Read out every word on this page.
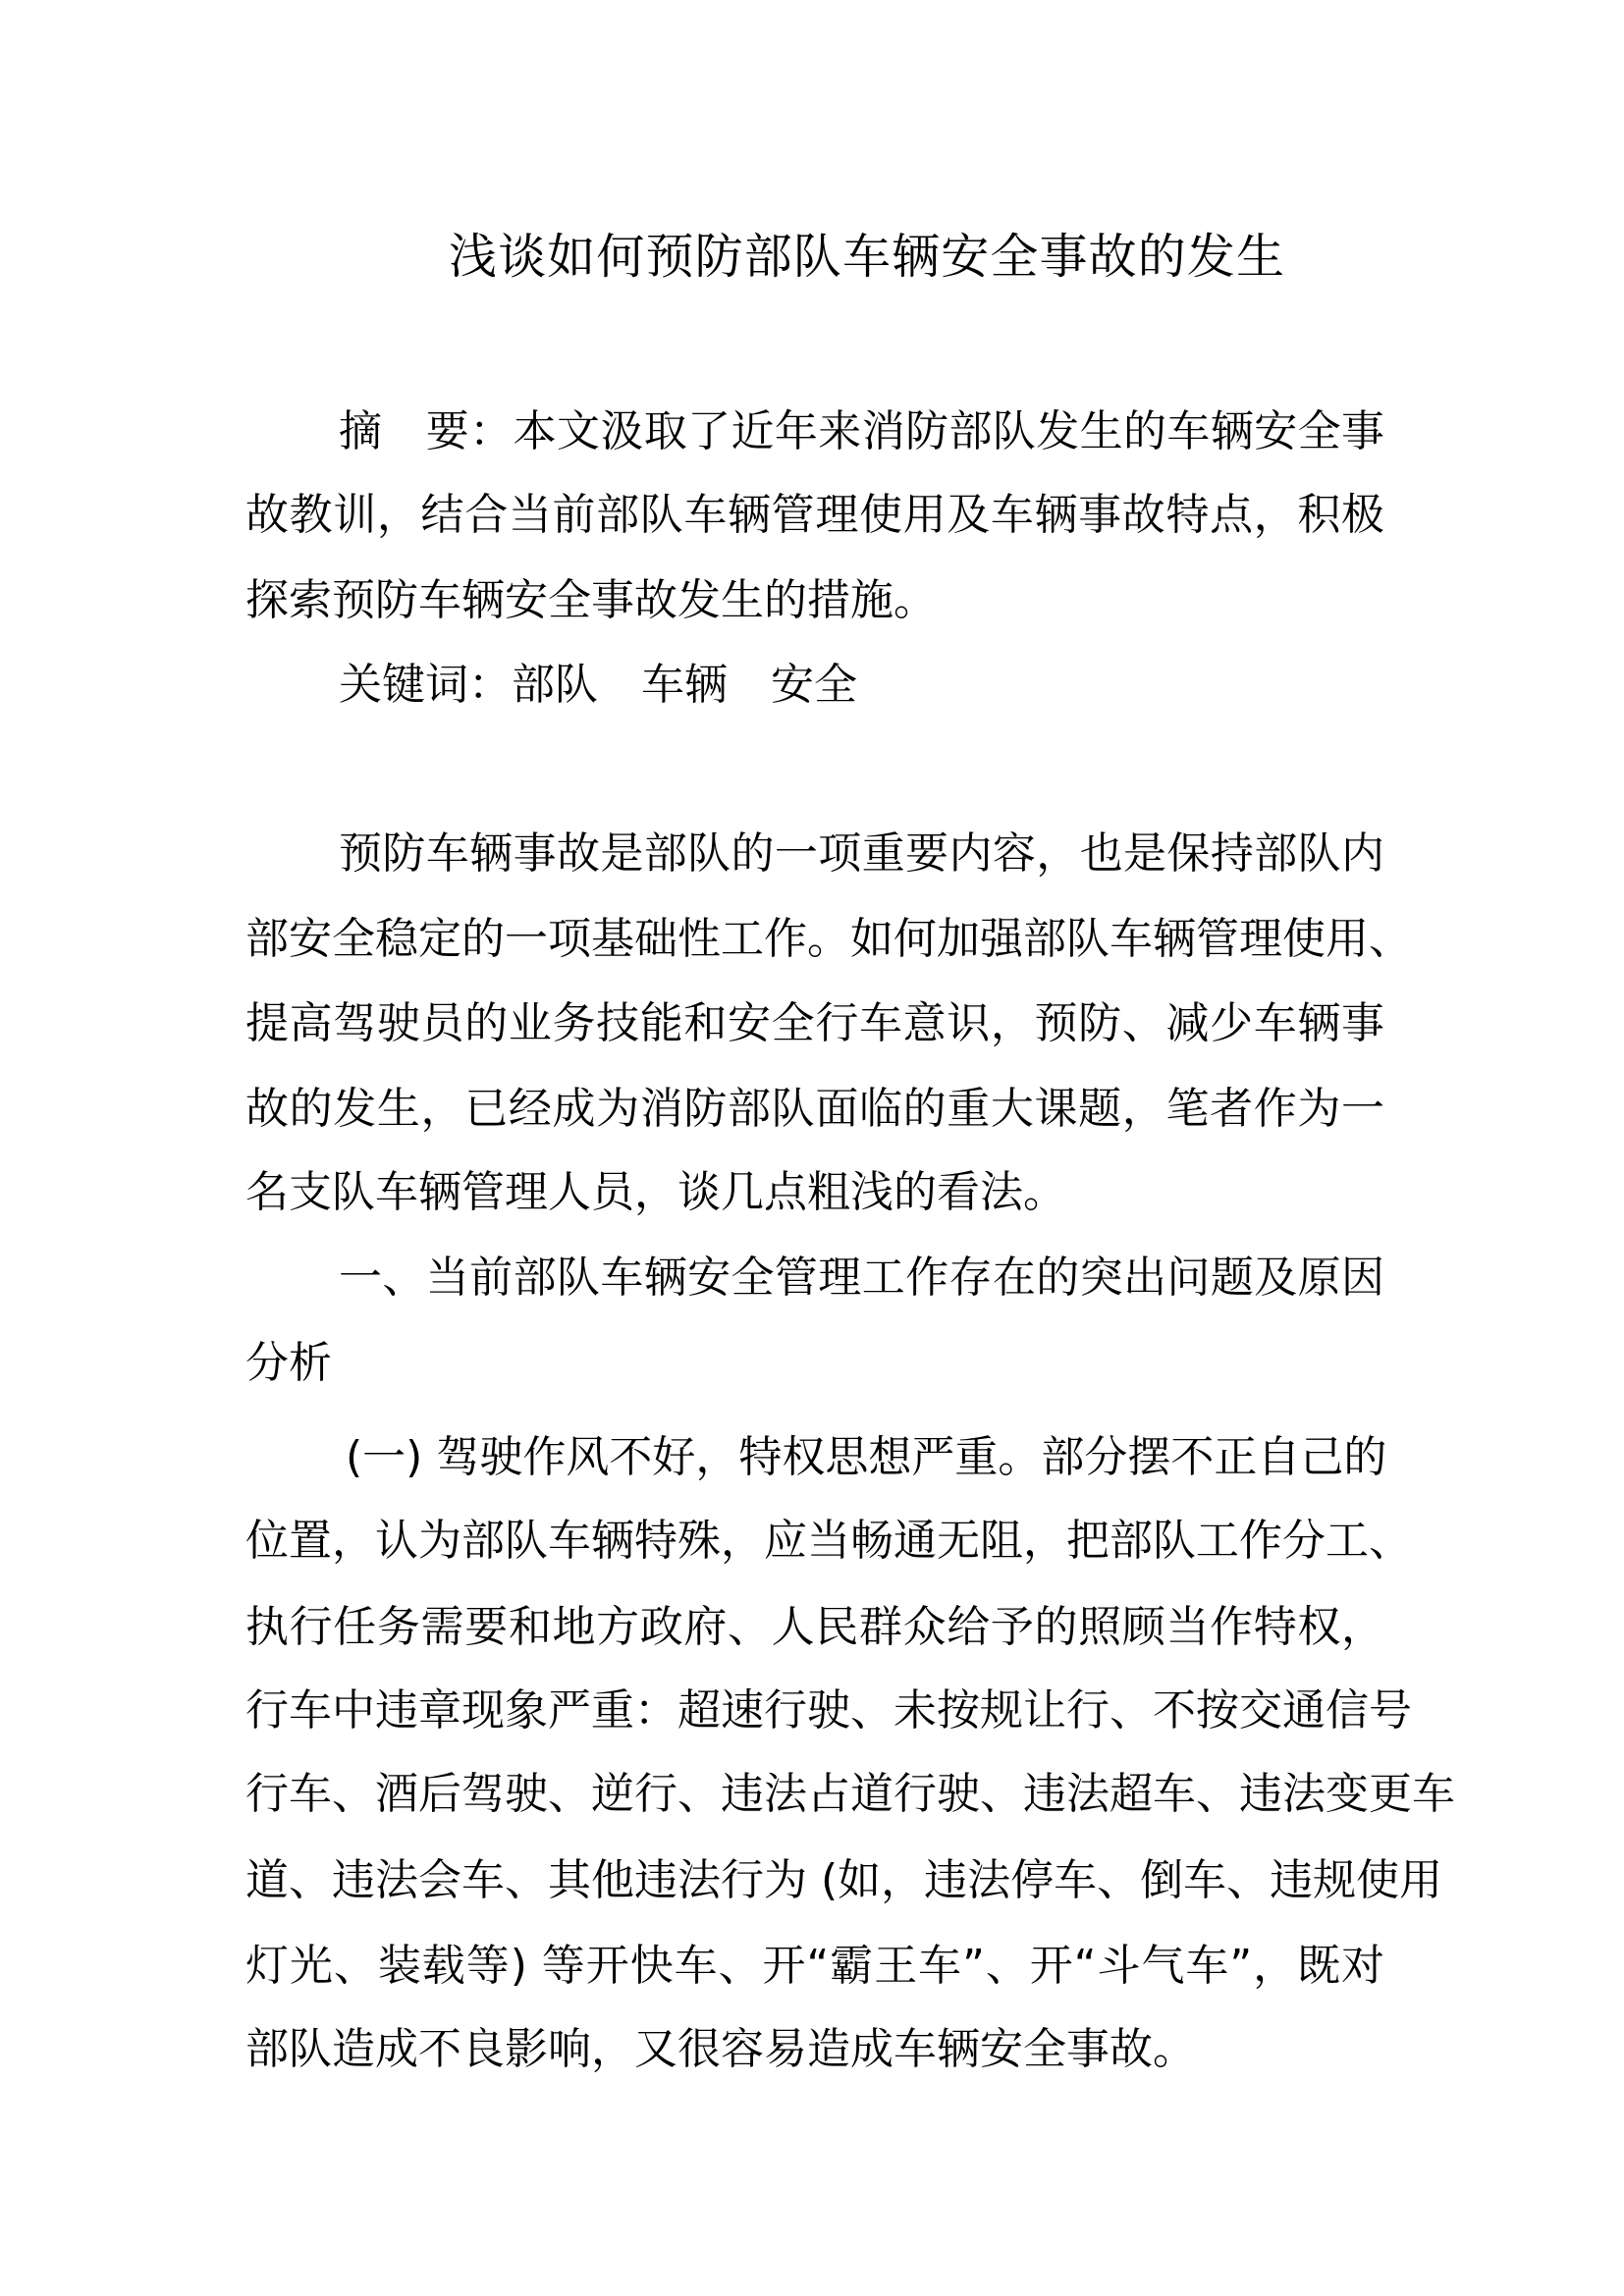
浅谈如何预防部队车辆安全事故的发生
摘　要：本文汲取了近年来消防部队发生的车辆安全事
故教训，结合当前部队车辆管理使用及车辆事故特点，积极
探索预防车辆安全事故发生的措施。
关键词：部队　车辆　安全
预防车辆事故是部队的一项重要内容，也是保持部队内
部安全稳定的一项基础性工作。如何加强部队车辆管理使用、
提高驾驶员的业务技能和安全行车意识，预防、减少车辆事
故的发生，已经成为消防部队面临的重大课题，笔者作为一
名支队车辆管理人员，谈几点粗浅的看法。
一、当前部队车辆安全管理工作存在的突出问题及原因
分析
(一) 驾驶作风不好，特权思想严重。部分摆不正自己的
位置，认为部队车辆特殊，应当畅通无阻，把部队工作分工、
执行任务需要和地方政府、人民群众给予的照顾当作特权，
行车中违章现象严重：超速行驶、未按规让行、不按交通信号
行车、酒后驾驶、逆行、违法占道行驶、违法超车、违法变更车
道、违法会车、其他违法行为 (如，违法停车、倒车、违规使用
灯光、装载等) 等开快车、开“霸王车”、开“斗气车”，既对
部队造成不良影响，又很容易造成车辆安全事故。
